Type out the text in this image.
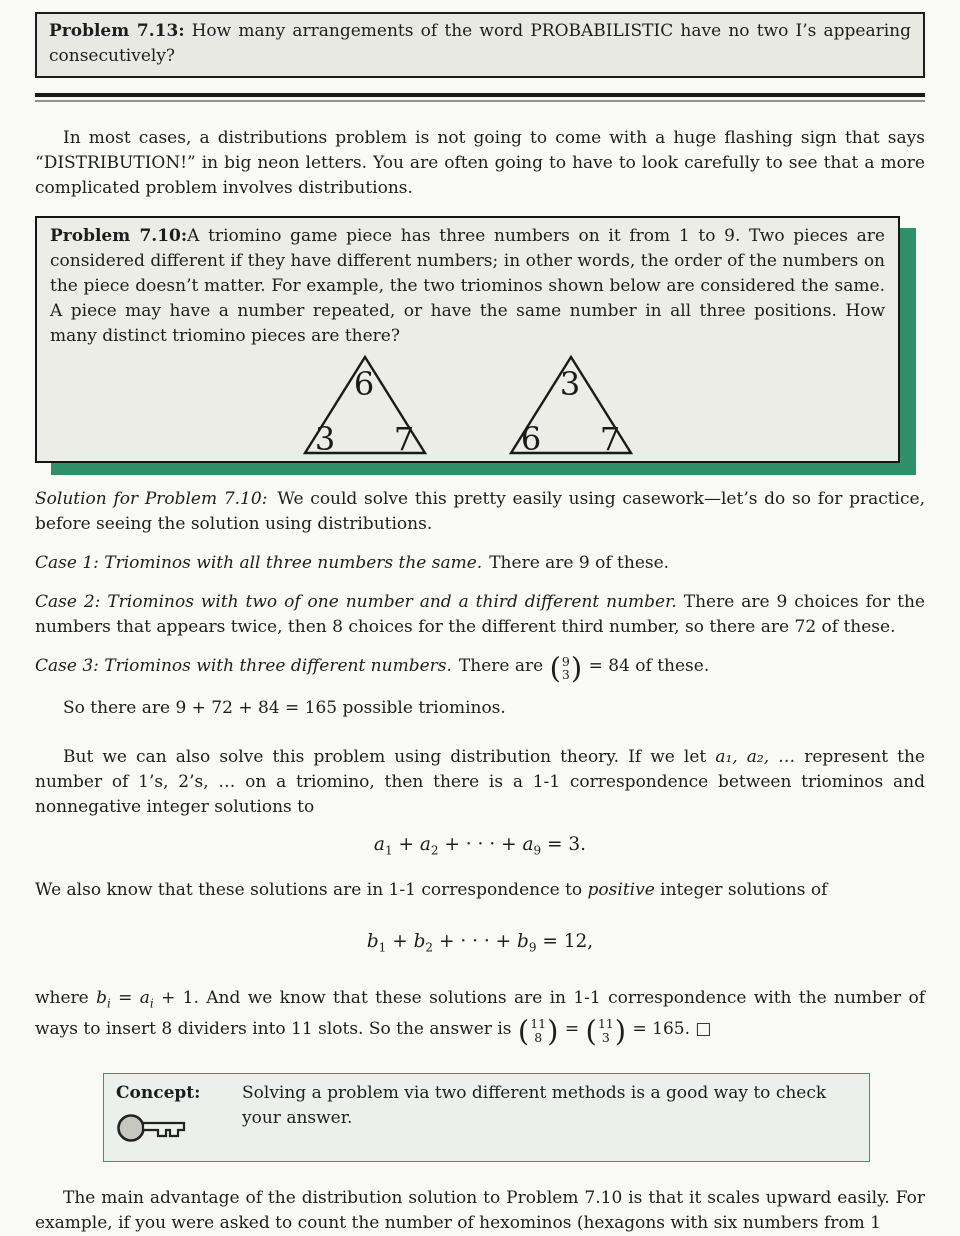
Problem 7.13: How many arrangements of the word PROBABILISTIC have no two I’s appearing consecutively?

In most cases, a distributions problem is not going to come with a huge flashing sign that says “DISTRIBUTION!” in big neon letters. You are often going to have to look carefully to see that a more complicated problem involves distributions.

Problem 7.10:A triomino game piece has three numbers on it from 1 to 9. Two pieces are considered different if they have different numbers; in other words, the order of the numbers on the piece doesn’t matter. For example, the two triominos shown below are considered the same. A piece may have a number repeated, or have the same number in all three positions. How many distinct triomino pieces are there?
6
3 7
3
6 7

Solution for Problem 7.10: We could solve this pretty easily using casework—let’s do so for practice, before seeing the solution using distributions.

Case 1: Triominos with all three numbers the same. There are 9 of these.

Case 2: Triominos with two of one number and a third different number. There are 9 choices for the numbers that appears twice, then 8 choices for the different third number, so there are 72 of these.

Case 3: Triominos with three different numbers. There are ( 9
3 ) = 84 of these.

So there are 9 + 72 + 84 = 165 possible triominos.

But we can also solve this problem using distribution theory. If we let a₁, a₂, … represent the number of 1’s, 2’s, … on a triomino, then there is a 1-1 correspondence between triominos and nonnegative integer solutions to

$a_1 + a_2$ + · · · + $a_9 = 3$.

We also know that these solutions are in 1-1 correspondence to positive integer solutions of

$b_1 + b_2$ + · · · + $b_9 = 12$,

where $b_i = a_i + 1$. And we know that these solutions are in 1-1 correspondence with the number of ways to insert 8 dividers into 11 slots. So the answer is ( 11
8 ) = ( 11
3 ) = 165. □

Concept:	Solving a problem via two different methods is a good way to check your answer.

The main advantage of the distribution solution to Problem 7.10 is that it scales upward easily. For example, if you were asked to count the number of hexominos (hexagons with six numbers from 1
